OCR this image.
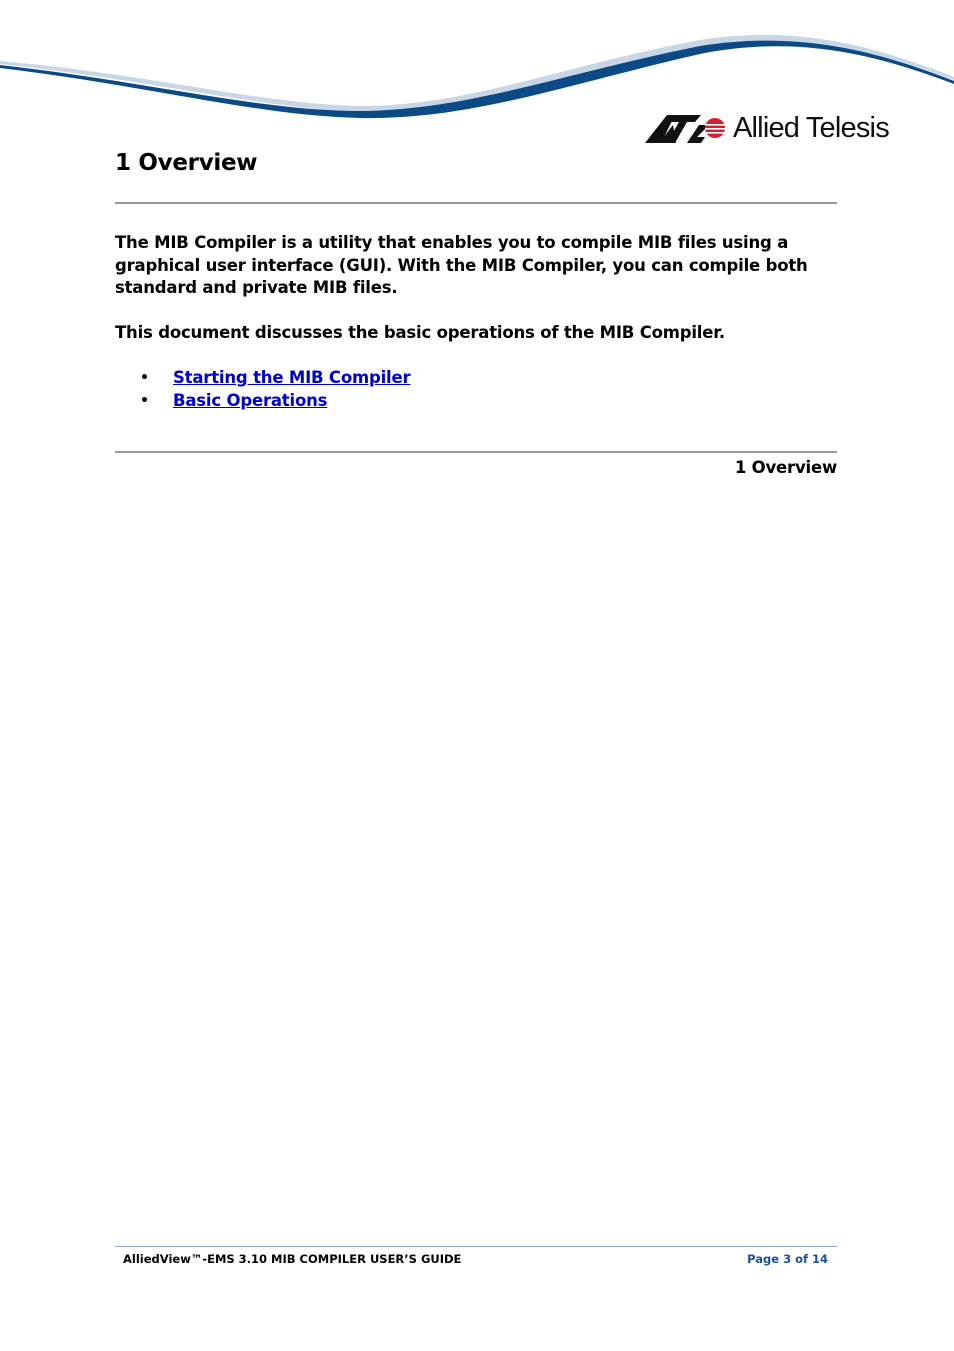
Allied Telesis
1 Overview

The MIB Compiler is a utility that enables you to compile MIB files using a graphical user interface (GUI). With the MIB Compiler, you can compile both standard and private MIB files.

This document discusses the basic operations of the MIB Compiler.

•	Starting the MIB Compiler
•	Basic Operations
1 Overview
AlliedView™-EMS 3.10 MIB COMPILER USER’S GUIDE	Page 3 of 14
